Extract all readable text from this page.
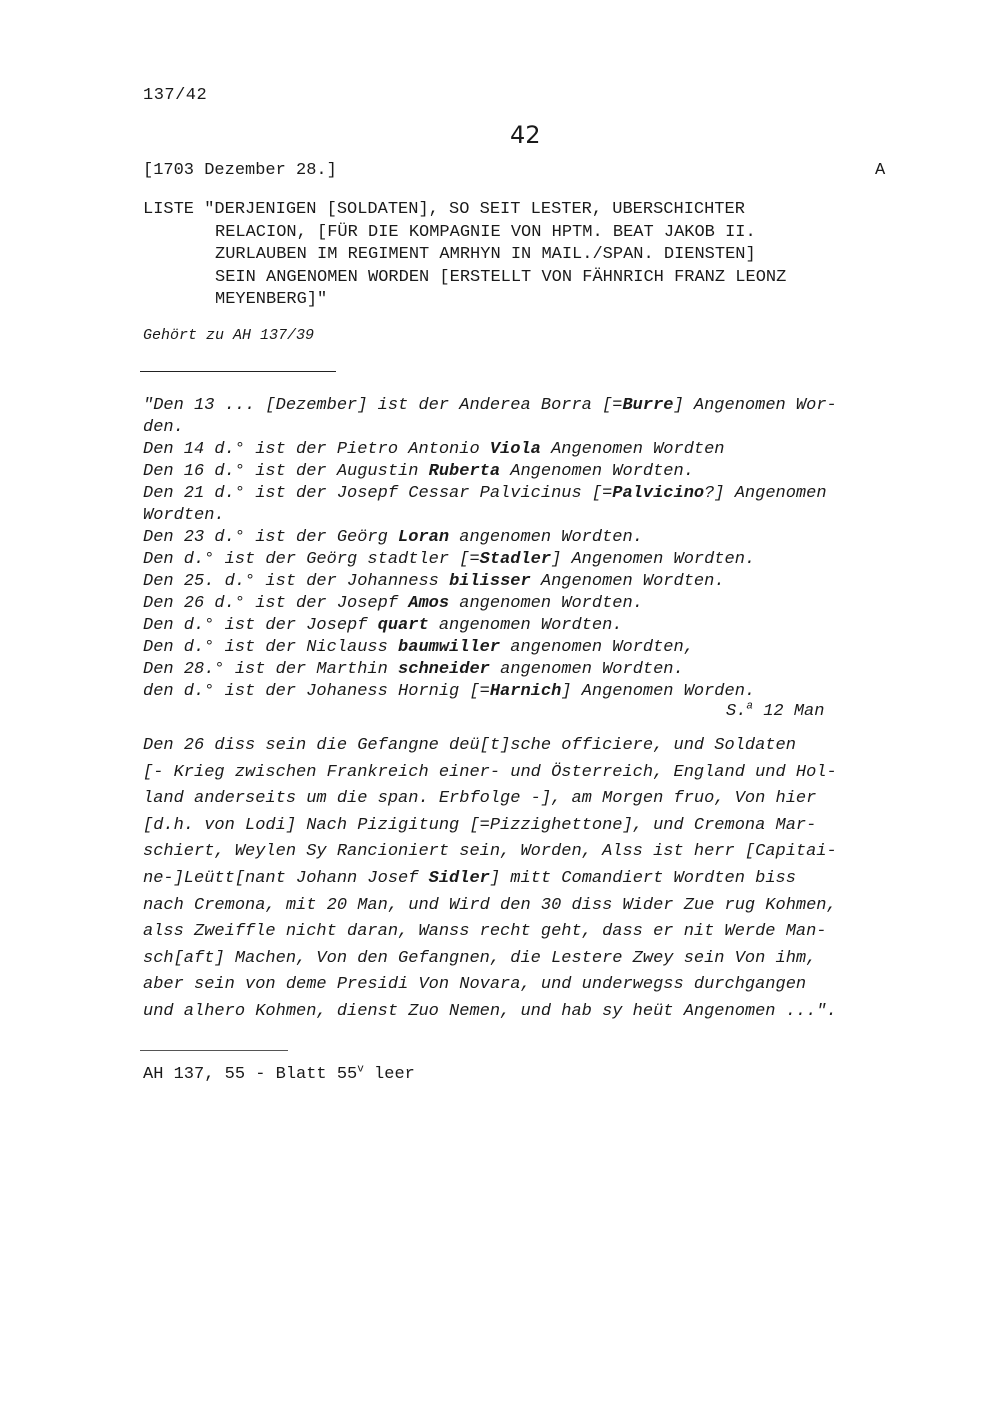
137/42
42
[1703 Dezember 28.]	A
LISTE "DERJENIGEN [SOLDATEN], SO SEIT LESTER, UBERSCHICHTER
RELACION, [FÜR DIE KOMPAGNIE VON HPTM. BEAT JAKOB II.
ZURLAUBEN IM REGIMENT AMRHYN IN MAIL./SPAN. DIENSTEN]
SEIN ANGENOMEN WORDEN [ERSTELLT VON FÄHNRICH FRANZ LEONZ
MEYENBERG]"
Gehört zu AH 137/39
"Den 13 ... [Dezember] ist der Anderea Borra [=Burre] Angenomen Wor-
den.
Den 14 d.° ist der Pietro Antonio Viola Angenomen Wordten
Den 16 d.° ist der Augustin Ruberta Angenomen Wordten.
Den 21 d.° ist der Josepf Cessar Palvicinus [=Palvicino?] Angenomen
Wordten.
Den 23 d.° ist der Geörg Loran angenomen Wordten.
Den d.° ist der Geörg stadtler [=Stadler] Angenomen Wordten.
Den 25. d.° ist der Johanness bilisser Angenomen Wordten.
Den 26 d.° ist der Josepf Amos angenomen Wordten.
Den d.° ist der Josepf quart angenomen Wordten.
Den d.° ist der Niclauss baumwiller angenomen Wordten,
Den 28.° ist der Marthin schneider angenomen Wordten.
den d.° ist der Johaness Hornig [=Harnich] Angenomen Worden.
S.$^a$ 12 Man
Den 26 diss sein die Gefangne deü[t]sche officiere, und Soldaten
[- Krieg zwischen Frankreich einer- und Österreich, England und Hol-
land anderseits um die span. Erbfolge -], am Morgen fruo, Von hier
[d.h. von Lodi] Nach Pizigitung [=Pizzighettone], und Cremona Mar-
schiert, Weylen Sy Rancioniert sein, Worden, Alss ist herr [Capitai-
ne-]Leütt[nant Johann Josef Sidler] mitt Comandiert Wordten biss
nach Cremona, mit 20 Man, und Wird den 30 diss Wider Zue rug Kohmen,
alss Zweiffle nicht daran, Wanss recht geht, dass er nit Werde Man-
sch[aft] Machen, Von den Gefangnen, die Lestere Zwey sein Von ihm,
aber sein von deme Presidi Von Novara, und underwegss durchgangen
und alhero Kohmen, dienst Zuo Nemen, und hab sy heüt Angenomen ...".
AH 137, 55 - Blatt 55$^v$ leer
